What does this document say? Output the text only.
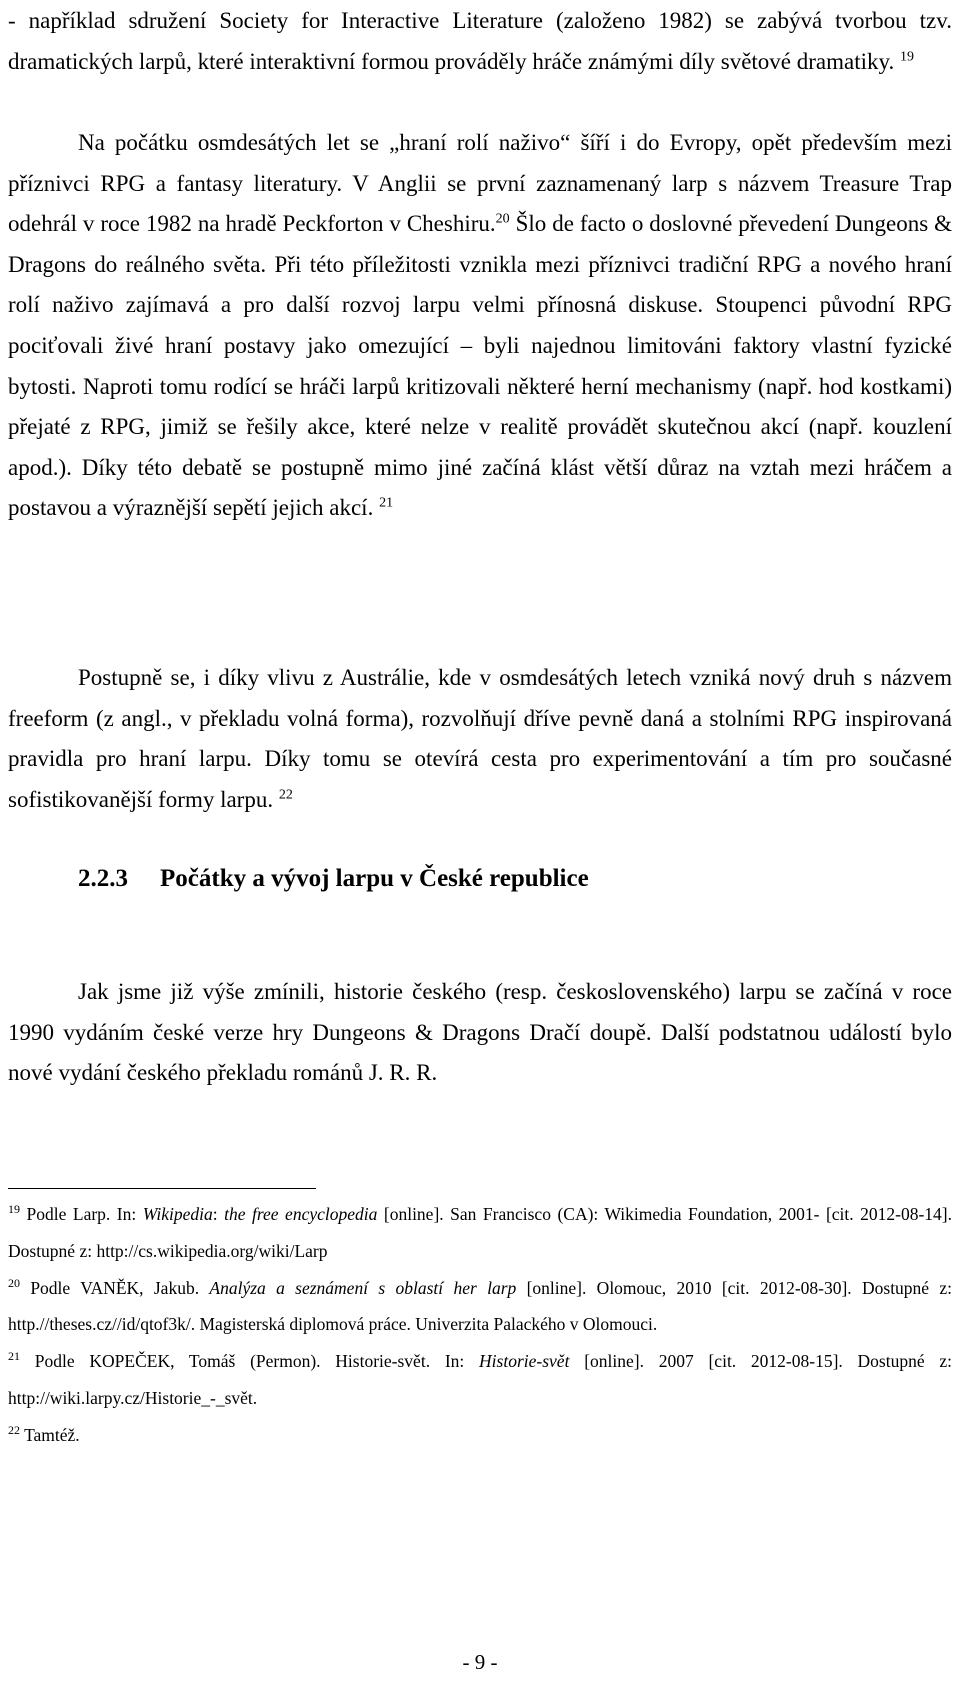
- například sdružení Society for Interactive Literature (založeno 1982) se zabývá tvorbou tzv. dramatických larpů, které interaktivní formou prováděly hráče známými díly světové dramatiky. $^{19}$

Na počátku osmdesátých let se „hraní rolí naživo“ šíří i do Evropy, opět především mezi příznivci RPG a fantasy literatury. V Anglii se první zaznamenaný larp s názvem Treasure Trap odehrál v roce 1982 na hradě Peckforton v Cheshiru.$^{20}$ Šlo de facto o doslovné převedení Dungeons & Dragons do reálného světa. Při této příležitosti vznikla mezi příznivci tradiční RPG a nového hraní rolí naživo zajímavá a pro další rozvoj larpu velmi přínosná diskuse. Stoupenci původní RPG pociťovali živé hraní postavy jako omezující – byli najednou limitováni faktory vlastní fyzické bytosti. Naproti tomu rodící se hráči larpů kritizovali některé herní mechanismy (např. hod kostkami) přejaté z RPG, jimiž se řešily akce, které nelze v realitě provádět skutečnou akcí (např. kouzlení apod.). Díky této debatě se postupně mimo jiné začíná klást větší důraz na vztah mezi hráčem a postavou a výraznější sepětí jejich akcí. $^{21}$

Postupně se, i díky vlivu z Austrálie, kde v osmdesátých letech vzniká nový druh s názvem freeform (z angl., v překladu volná forma), rozvolňují dříve pevně daná a stolními RPG inspirovaná pravidla pro hraní larpu. Díky tomu se otevírá cesta pro experimentování a tím pro současné sofistikovanější formy larpu. $^{22}$

2.2.3 Počátky a vývoj larpu v České republice

Jak jsme již výše zmínili, historie českého (resp. československého) larpu se začíná v roce 1990 vydáním české verze hry Dungeons & Dragons Dračí doupě. Další podstatnou událostí bylo nové vydání českého překladu románů J. R. R.

$^{19}$ Podle Larp. In: Wikipedia: the free encyclopedia [online]. San Francisco (CA): Wikimedia Foundation, 2001- [cit. 2012-08-14]. Dostupné z: http://cs.wikipedia.org/wiki/Larp

$^{20}$ Podle VANĚK, Jakub. Analýza a seznámení s oblastí her larp [online]. Olomouc, 2010 [cit. 2012-08-30]. Dostupné z: http.//theses.cz//id/qtof3k/. Magisterská diplomová práce. Univerzita Palackého v Olomouci.

$^{21}$ Podle KOPEČEK, Tomáš (Permon). Historie-svět. In: Historie-svět [online]. 2007 [cit. 2012-08-15]. Dostupné z: http://wiki.larpy.cz/Historie_-_svět.

$^{22}$ Tamtéž.

- 9 -
